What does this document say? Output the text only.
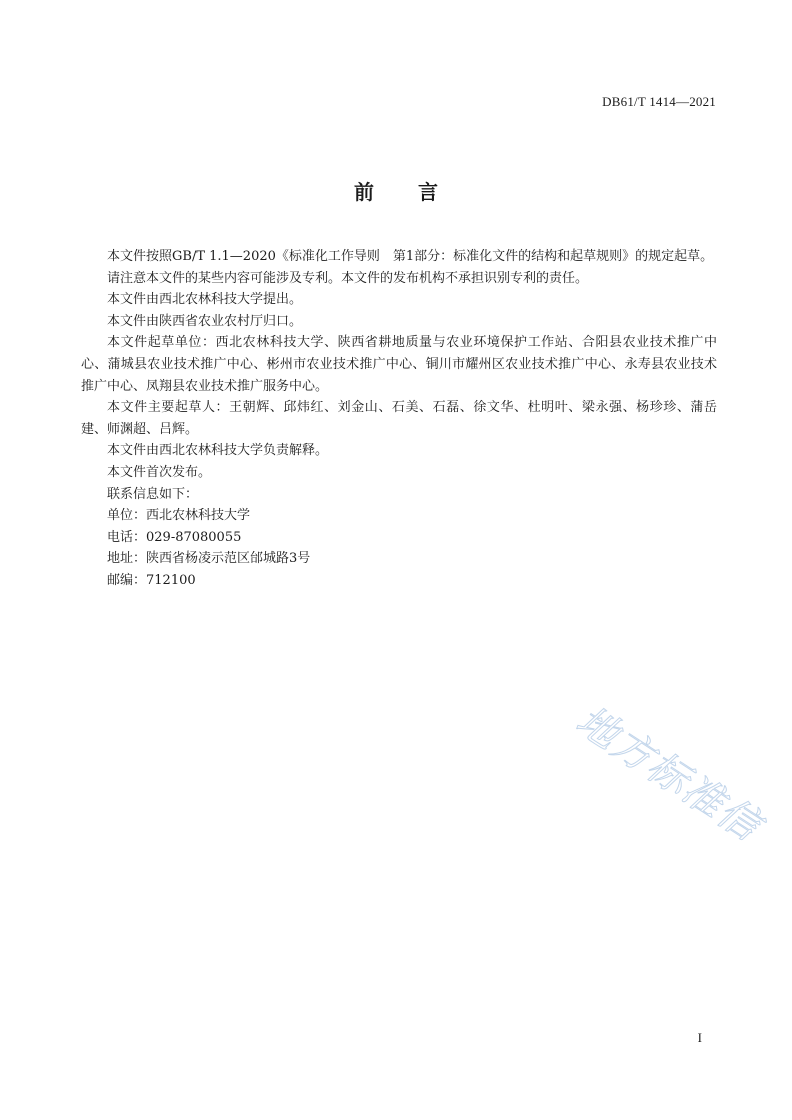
DB61/T 1414—2021
前 言

本文件按照GB/T 1.1—2020《标准化工作导则　第1部分：标准化文件的结构和起草规则》的规定起草。

请注意本文件的某些内容可能涉及专利。本文件的发布机构不承担识别专利的责任。

本文件由西北农林科技大学提出。

本文件由陕西省农业农村厅归口。

本文件起草单位：西北农林科技大学、陕西省耕地质量与农业环境保护工作站、合阳县农业技术推广中心、蒲城县农业技术推广中心、彬州市农业技术推广中心、铜川市耀州区农业技术推广中心、永寿县农业技术推广中心、凤翔县农业技术推广服务中心。

本文件主要起草人：王朝辉、邱炜红、刘金山、石美、石磊、徐文华、杜明叶、梁永强、杨珍珍、蒲岳建、师渊超、吕辉。

本文件由西北农林科技大学负责解释。

本文件首次发布。

联系信息如下：

单位：西北农林科技大学

电话：029-87080055

地址：陕西省杨凌示范区邰城路3号

邮编：712100

地方标准信
I
